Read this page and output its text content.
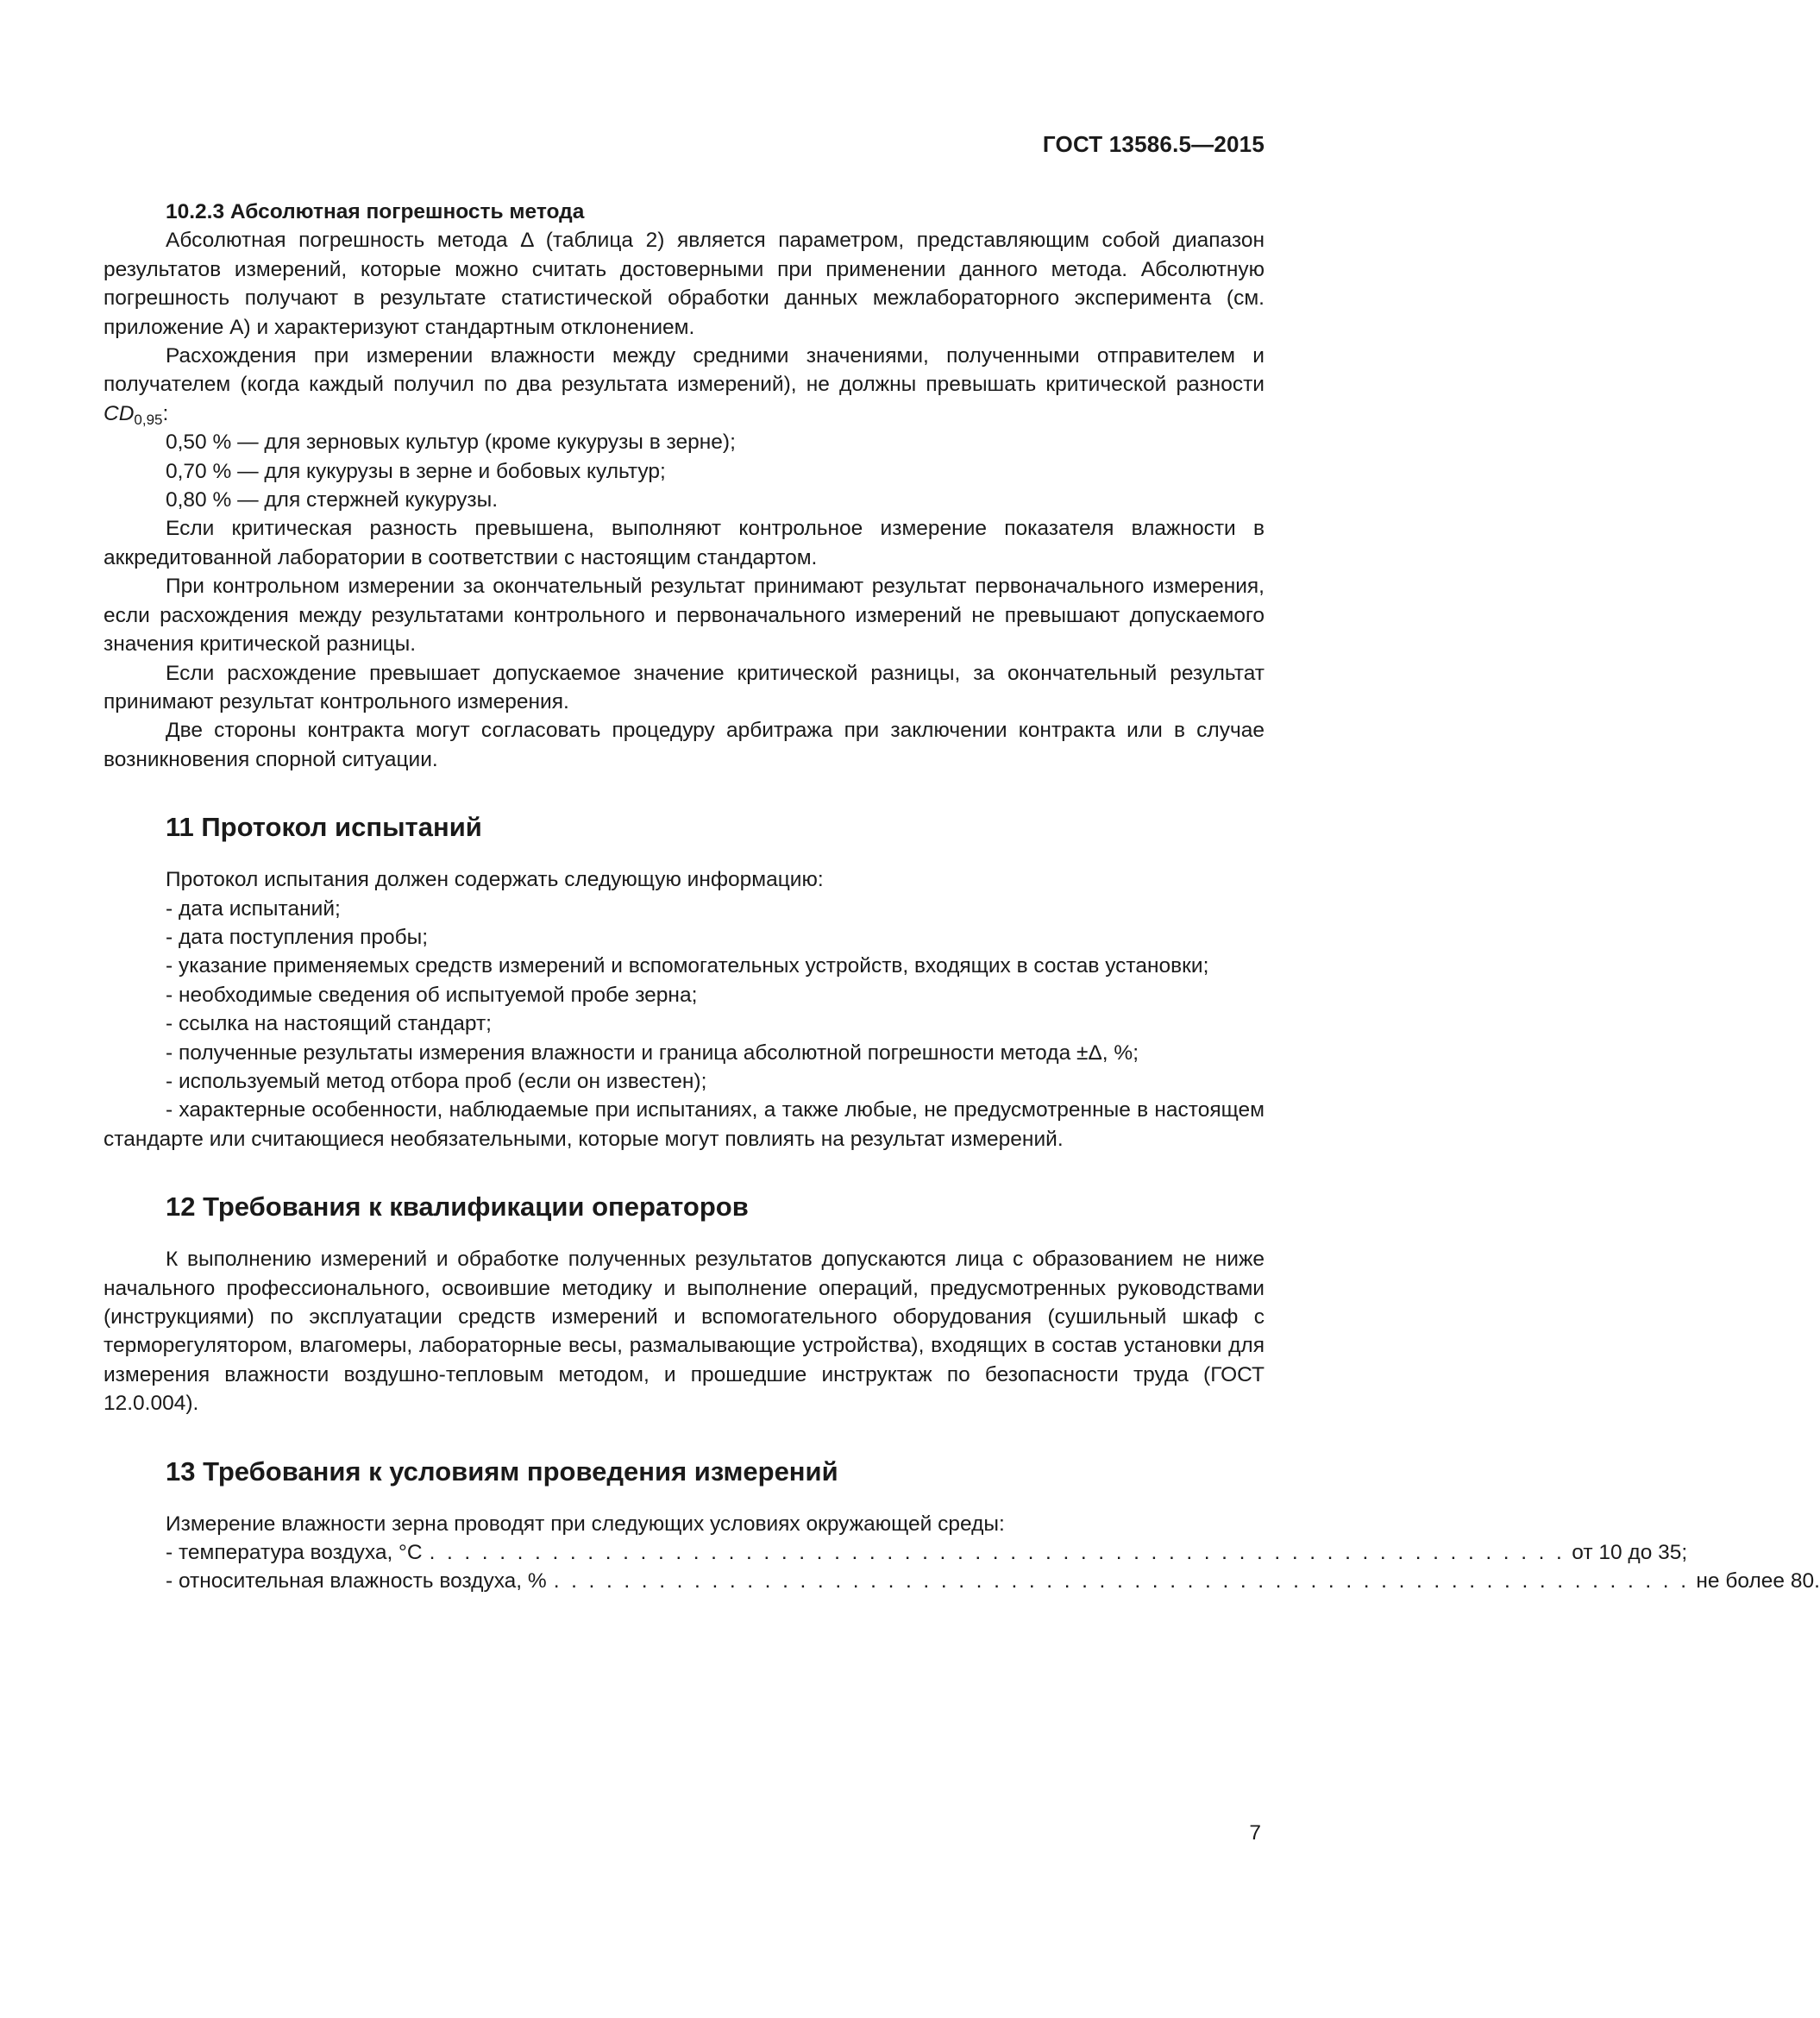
ГОСТ 13586.5—2015
10.2.3 Абсолютная погрешность метода

Абсолютная погрешность метода Δ (таблица 2) является параметром, представляющим собой диапазон результатов измерений, которые можно считать достоверными при применении данного метода. Абсолютную погрешность получают в результате статистической обработки данных межлабораторного эксперимента (см. приложение А) и характеризуют стандартным отклонением.

Расхождения при измерении влажности между средними значениями, полученными отправителем и получателем (когда каждый получил по два результата измерений), не должны превышать критической разности $CD_{0,95}$:

0,50 % — для зерновых культур (кроме кукурузы в зерне);

0,70 % — для кукурузы в зерне и бобовых культур;

0,80 % — для стержней кукурузы.

Если критическая разность превышена, выполняют контрольное измерение показателя влажности в аккредитованной лаборатории в соответствии с настоящим стандартом.

При контрольном измерении за окончательный результат принимают результат первоначального измерения, если расхождения между результатами контрольного и первоначального измерений не превышают допускаемого значения критической разницы.

Если расхождение превышает допускаемое значение критической разницы, за окончательный результат принимают результат контрольного измерения.

Две стороны контракта могут согласовать процедуру арбитража при заключении контракта или в случае возникновения спорной ситуации.

11 Протокол испытаний

Протокол испытания должен содержать следующую информацию:

- дата испытаний;

- дата поступления пробы;

- указание применяемых средств измерений и вспомогательных устройств, входящих в состав установки;

- необходимые сведения об испытуемой пробе зерна;

- ссылка на настоящий стандарт;

- полученные результаты измерения влажности и граница абсолютной погрешности метода ±Δ, %;

- используемый метод отбора проб (если он известен);

- характерные особенности, наблюдаемые при испытаниях, а также любые, не предусмотренные в настоящем стандарте или считающиеся необязательными, которые могут повлиять на результат измерений.

12 Требования к квалификации операторов

К выполнению измерений и обработке полученных результатов допускаются лица с образованием не ниже начального профессионального, освоившие методику и выполнение операций, предусмотренных руководствами (инструкциями) по эксплуатации средств измерений и вспомогательного оборудования (сушильный шкаф с терморегулятором, влагомеры, лабораторные весы, размалывающие устройства), входящих в состав установки для измерения влажности воздушно-тепловым методом, и прошедшие инструктаж по безопасности труда (ГОСТ 12.0.004).

13 Требования к условиям проведения измерений

Измерение влажности зерна проводят при следующих условиях окружающей среды:

- температура воздуха, °С . . . . . . . . . . . . . . . . . . . . . . . . . . . . . . . . . . . . . . . . . . . . . . . . . . . . . . . . . . . . . . . . . от 10 до 35;
- относительная влажность воздуха, % . . . . . . . . . . . . . . . . . . . . . . . . . . . . . . . . . . . . . . . . . . . . . . . . . . . . . . . . . . . . . . . . . не более 80.
7
